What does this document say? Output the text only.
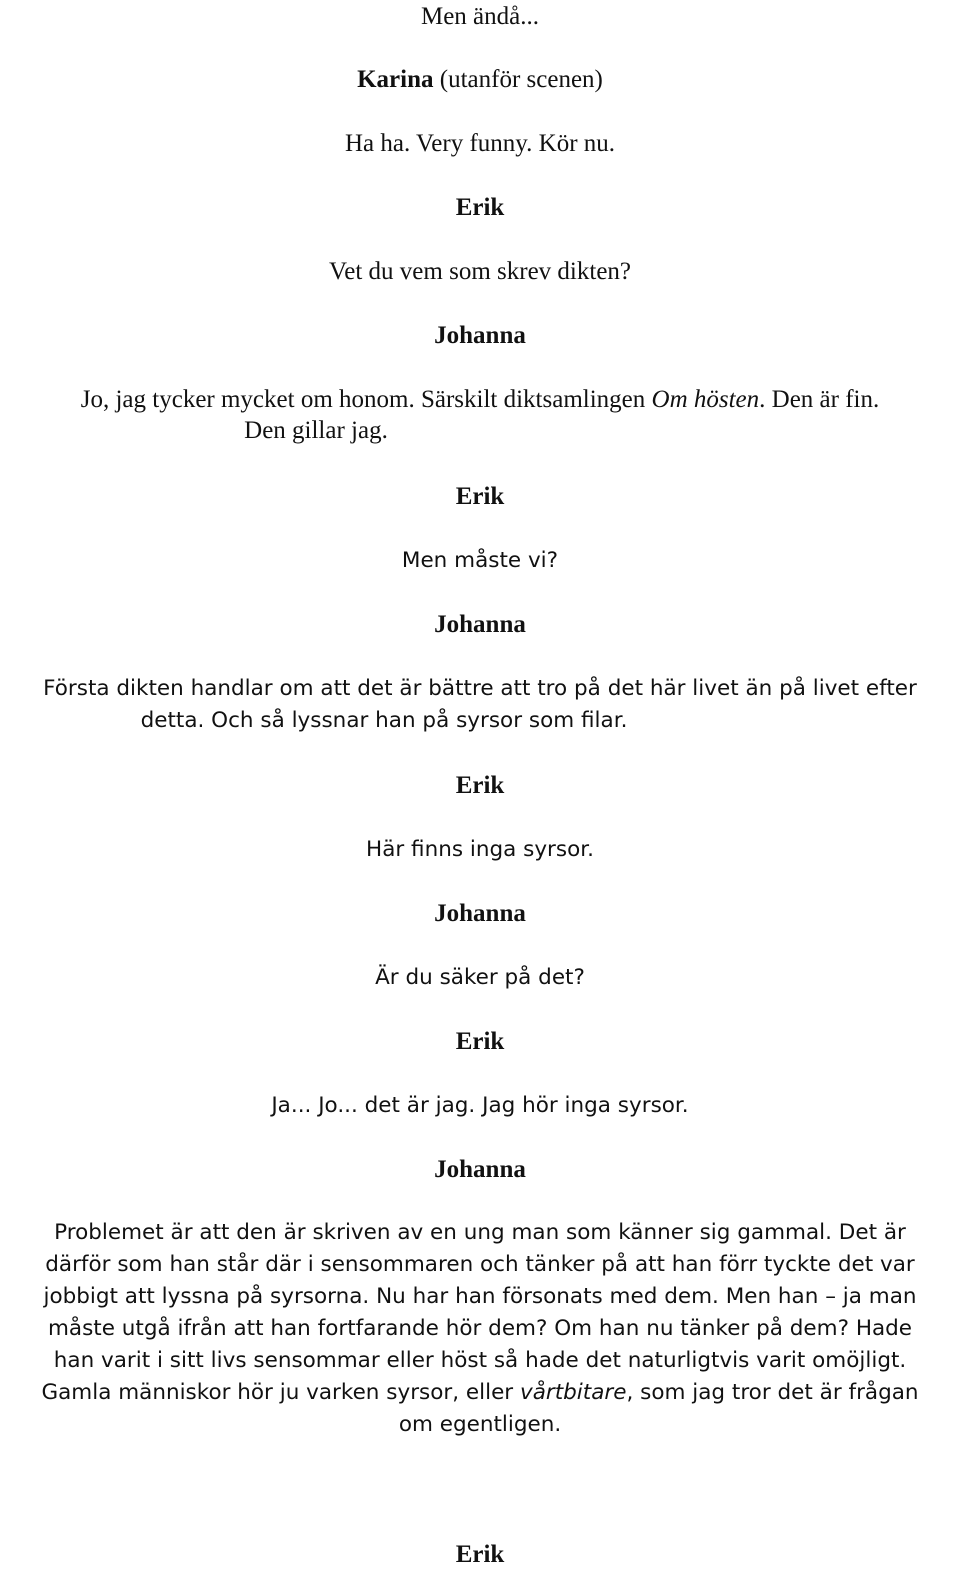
Men ändå...
Karina (utanför scenen)
Ha ha. Very funny. Kör nu.
Erik
Vet du vem som skrev dikten?
Johanna
Jo, jag tycker mycket om honom. Särskilt diktsamlingen Om hösten. Den är fin.
Den gillar jag.
Erik
Men måste vi?
Johanna
Första dikten handlar om att det är bättre att tro på det här livet än på livet efter
detta. Och så lyssnar han på syrsor som filar.
Erik
Här finns inga syrsor.
Johanna
Är du säker på det?
Erik
Ja... Jo... det är jag. Jag hör inga syrsor.
Johanna
Problemet är att den är skriven av en ung man som känner sig gammal. Det är
därför som han står där i sensommaren och tänker på att han förr tyckte det var
jobbigt att lyssna på syrsorna. Nu har han försonats med dem. Men han – ja man
måste utgå ifrån att han fortfarande hör dem? Om han nu tänker på dem? Hade
han varit i sitt livs sensommar eller höst så hade det naturligtvis varit omöjligt.
Gamla människor hör ju varken syrsor, eller vårtbitare, som jag tror det är frågan
om egentligen.
Erik
